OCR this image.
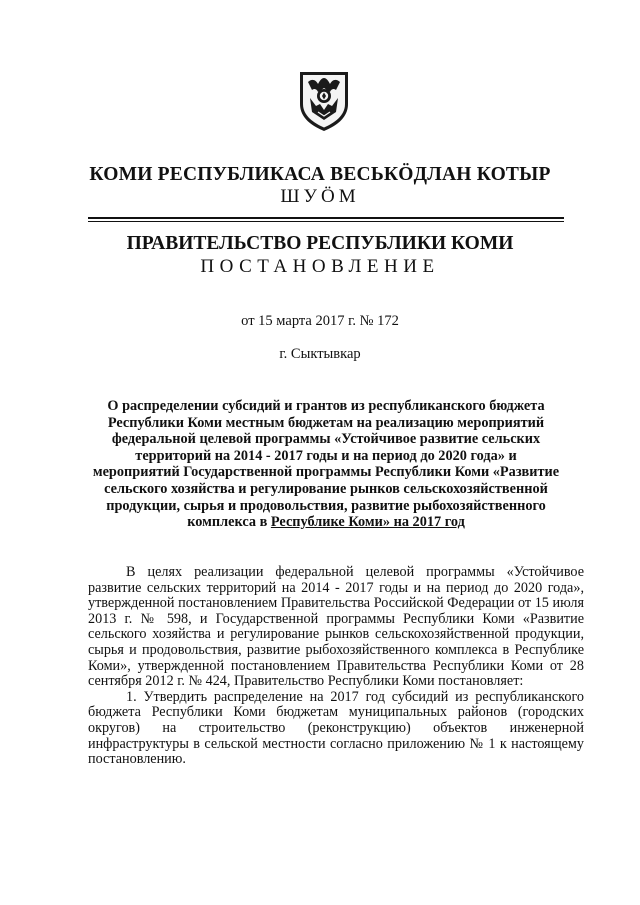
КОМИ РЕСПУБЛИКАСА ВЕСЬКӦДЛАН КОТЫР
ШУӦМ
ПРАВИТЕЛЬСТВО РЕСПУБЛИКИ КОМИ
ПОСТАНОВЛЕНИЕ
от 15 марта 2017 г. № 172
г. Сыктывкар
О распределении субсидий и грантов из республиканского бюджета Республики Коми местным бюджетам на реализацию мероприятий федеральной целевой программы «Устойчивое развитие сельских территорий на 2014 - 2017 годы и на период до 2020 года» и мероприятий Государственной программы Республики Коми «Развитие сельского хозяйства и регулирование рынков сельскохозяйственной продукции, сырья и продовольствия, развитие рыбохозяйственного комплекса в Республике Коми» на 2017 год

В целях реализации федеральной целевой программы «Устойчивое развитие сельских территорий на 2014 - 2017 годы и на период до 2020 года», утвержденной постановлением Правительства Российской Федерации от 15 июля 2013 г. № 598, и Государственной программы Республики Коми «Развитие сельского хозяйства и регулирование рынков сельскохозяйственной продукции, сырья и продовольствия, развитие рыбохозяйственного комплекса в Республике Коми», утвержденной постановлением Правительства Республики Коми от 28 сентября 2012 г. № 424, Правительство Республики Коми постановляет:

1. Утвердить распределение на 2017 год субсидий из республиканского бюджета Республики Коми бюджетам муниципальных районов (городских округов) на строительство (реконструкцию) объектов инженерной инфраструктуры в сельской местности согласно приложению № 1 к настоящему постановлению.
